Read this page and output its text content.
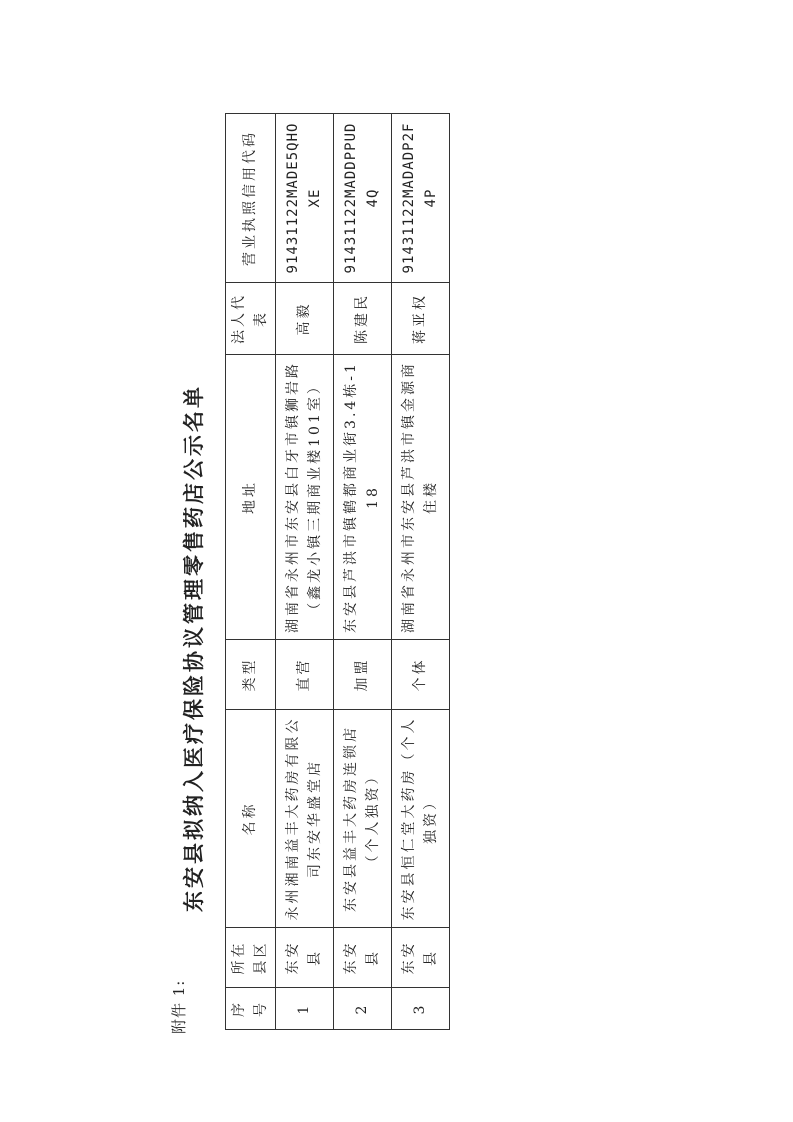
附件 1:
东安县拟纳入医疗保险协议管理零售药店公示名单
序号	所在县区	名称	类型	地址	法人代表	营业执照信用代码
1	东安县	永州湘南益丰大药房有限公司东安华盛堂店	直营	湖南省永州市东安县白牙市镇狮岩路（鑫龙小镇三期商业楼101室）	高毅	91431122MADE5QHOXE
2	东安县	东安县益丰大药房连锁店（个人独资）	加盟	东安县芦洪市镇鹤都商业街3.4栋-118	陈建民	91431122MADDPPUD4Q
3	东安县	东安县恒仁堂大药房（个人独资）	个体	湖南省永州市东安县芦洪市镇金源商住楼	蒋亚权	91431122MADADP2F4P
